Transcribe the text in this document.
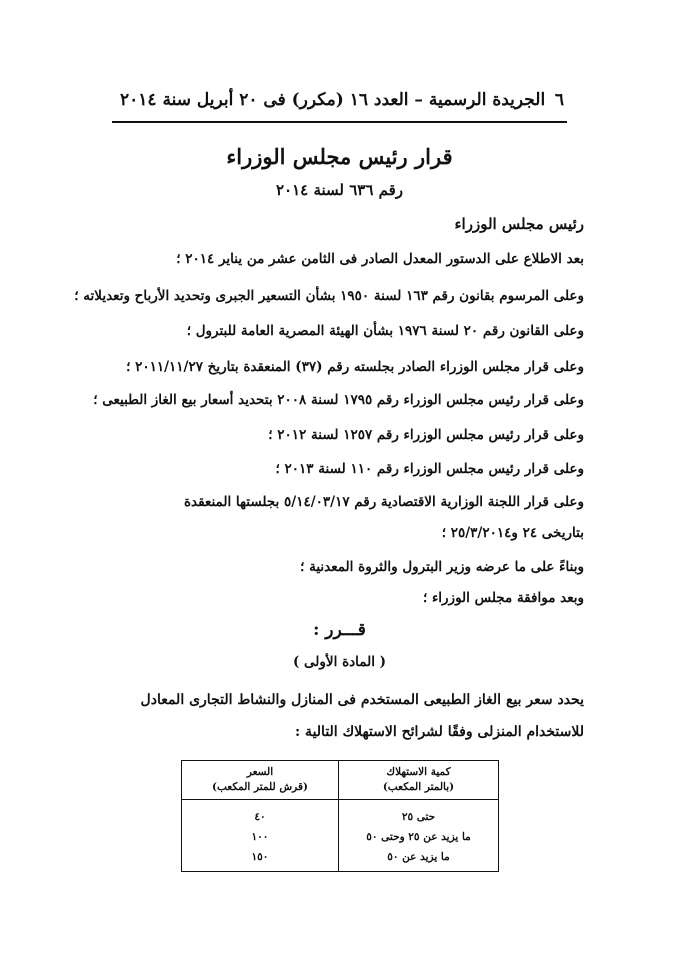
٦
الجريدة الرسمية – العدد ١٦ (مكرر) فى ٢٠ أبريل سنة ٢٠١٤
قرار رئيس مجلس الوزراء
رقم ٦٣٦ لسنة ٢٠١٤
رئيس مجلس الوزراء
بعد الاطلاع على الدستور المعدل الصادر فى الثامن عشر من يناير ٢٠١٤ ؛
وعلى المرسوم بقانون رقم ١٦٣ لسنة ١٩٥٠ بشأن التسعير الجبرى وتحديد الأرباح وتعديلاته ؛
وعلى القانون رقم ٢٠ لسنة ١٩٧٦ بشأن الهيئة المصرية العامة للبترول ؛
وعلى قرار مجلس الوزراء الصادر بجلسته رقم (٣٧) المنعقدة بتاريخ ٢٠١١/١١/٢٧ ؛
وعلى قرار رئيس مجلس الوزراء رقم ١٧٩٥ لسنة ٢٠٠٨ بتحديد أسعار بيع الغاز الطبيعى ؛
وعلى قرار رئيس مجلس الوزراء رقم ١٢٥٧ لسنة ٢٠١٢ ؛
وعلى قرار رئيس مجلس الوزراء رقم ١١٠ لسنة ٢٠١٣ ؛
وعلى قرار اللجنة الوزارية الاقتصادية رقم ٥/١٤/٠٣/١٧ بجلستها المنعقدة
بتاريخى ٢٤ و٢٥/٣/٢٠١٤ ؛
وبناءً على ما عرضه وزير البترول والثروة المعدنية ؛
وبعد موافقة مجلس الوزراء ؛
قـــرر :
( المادة الأولى )
يحدد سعر بيع الغاز الطبيعى المستخدم فى المنازل والنشاط التجارى المعادل
للاستخدام المنزلى وفقًا لشرائح الاستهلاك التالية :
كمية الاستهلاك
(بالمتر المكعب)
السعر
(قرش للمتر المكعب)
حتى ٢٥
٤٠
ما يزيد عن ٢٥ وحتى ٥٠
١٠٠
ما يزيد عن ٥٠
١٥٠
